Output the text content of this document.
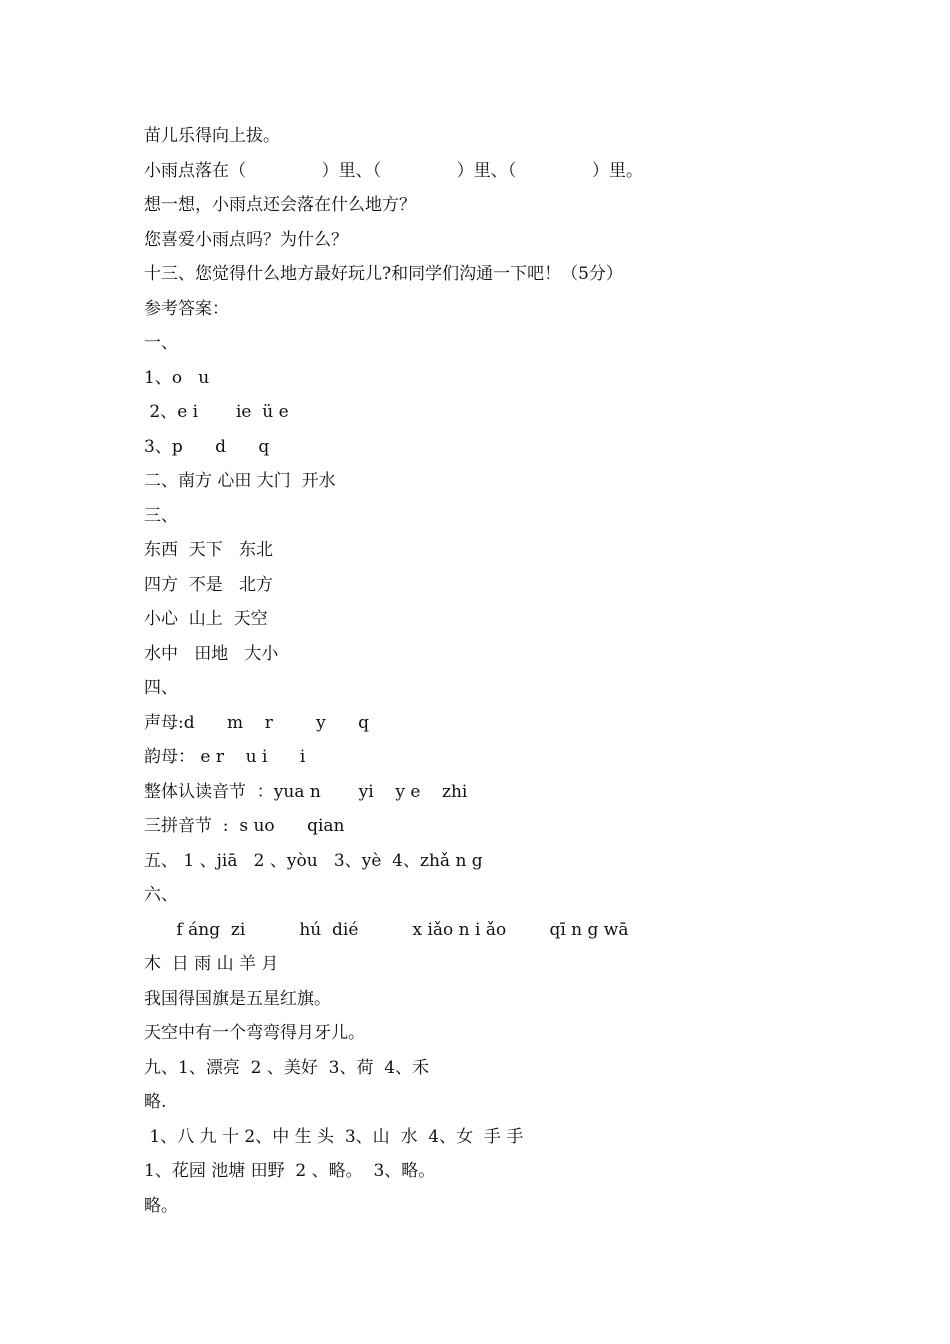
苗儿乐得向上拔。
小雨点落在（              ）里、（              ）里、（              ）里。
想一想，小雨点还会落在什么地方？
您喜爱小雨点吗？为什么？
十三、您觉得什么地方最好玩儿?和同学们沟通一下吧！（5分）
参考答案：
一、
1、o   u
2、e i       ie  ü e
3、p      d      q
二、南方 心田 大门  开水
三、
东西  天下   东北
四方  不是   北方
小心  山上  天空
水中   田地   大小
四、
声母:d      m    r        y      q
韵母： e r    u i      i
整体认读音节  ：yua n       yi    y e    zhi
三拼音节  :  s uo      qian
五、 1 、jiā   2 、yòu   3、yè  4、zhǎ n g
六、
f áng  zi          hú  dié          x iǎo n i ǎo        qī n g wā
木  日 雨 山 羊 月
我国得国旗是五星红旗。
天空中有一个弯弯得月牙儿。
九、1、漂亮  2 、美好  3、荷  4、禾
略.
1、八 九 十 2、中 生 头  3、山  水  4、女  手 手
1、花园 池塘 田野  2 、略。  3、略。
略。
